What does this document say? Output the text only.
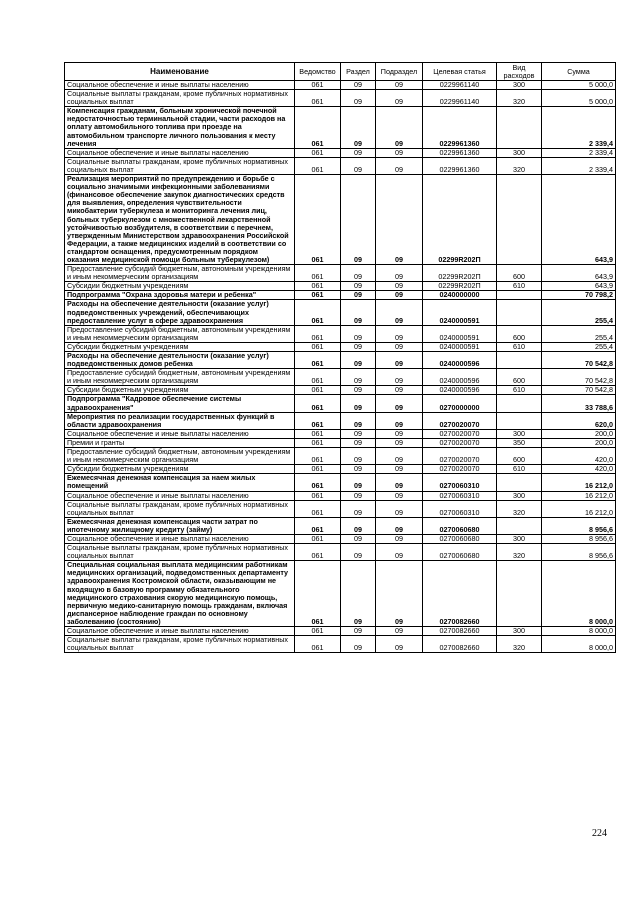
Наименование	Ведомство	Раздел	Подраздел	Целевая статья	Вид расходов	Сумма
Социальное обеспечение и иные выплаты населению	061	09	09	0229961140	300	5 000,0
Социальные выплаты гражданам, кроме публичных нормативных социальных выплат	061	09	09	0229961140	320	5 000,0
Компенсация гражданам, больным хронической почечной недостаточностью терминальной стадии, части расходов на оплату автомобильного топлива при проезде на автомобильном транспорте личного пользования к месту лечения	061	09	09	0229961360		2 339,4
Социальное обеспечение и иные выплаты населению	061	09	09	0229961360	300	2 339,4
Социальные выплаты гражданам, кроме публичных нормативных социальных выплат	061	09	09	0229961360	320	2 339,4
Реализация мероприятий по предупреждению и борьбе с социально значимыми инфекционными заболеваниями (финансовое обеспечение закупок диагностических средств для выявления, определения чувствительности микобактерии туберкулеза и мониторинга лечения лиц, больных туберкулезом с множественной лекарственной устойчивостью возбудителя, в соответствии с перечнем, утвержденным Министерством здравоохранения Российской Федерации, а также медицинских изделий в соответствии со стандартом оснащения, предусмотренным порядком оказания медицинской помощи больным туберкулезом)	061	09	09	02299R202П		643,9
Предоставление субсидий бюджетным, автономным учреждениям и иным некоммерческим организациям	061	09	09	02299R202П	600	643,9
Субсидии бюджетным учреждениям	061	09	09	02299R202П	610	643,9
Подпрограмма "Охрана здоровья матери и ребенка"	061	09	09	0240000000		70 798,2
Расходы на обеспечение деятельности (оказание услуг) подведомственных учреждений, обеспечивающих предоставление услуг в сфере здравоохранения	061	09	09	0240000591		255,4
Предоставление субсидий бюджетным, автономным учреждениям и иным некоммерческим организациям	061	09	09	0240000591	600	255,4
Субсидии бюджетным учреждениям	061	09	09	0240000591	610	255,4
Расходы на обеспечение деятельности (оказание услуг) подведомственных домов ребенка	061	09	09	0240000596		70 542,8
Предоставление субсидий бюджетным, автономным учреждениям и иным некоммерческим организациям	061	09	09	0240000596	600	70 542,8
Субсидии бюджетным учреждениям	061	09	09	0240000596	610	70 542,8
Подпрограмма "Кадровое обеспечение системы здравоохранения"	061	09	09	0270000000		33 788,6
Мероприятия по реализации государственных функций в области здравоохранения	061	09	09	0270020070		620,0
Социальное обеспечение и иные выплаты населению	061	09	09	0270020070	300	200,0
Премии и гранты	061	09	09	0270020070	350	200,0
Предоставление субсидий бюджетным, автономным учреждениям и иным некоммерческим организациям	061	09	09	0270020070	600	420,0
Субсидии бюджетным учреждениям	061	09	09	0270020070	610	420,0
Ежемесячная денежная компенсация за наем жилых помещений	061	09	09	0270060310		16 212,0
Социальное обеспечение и иные выплаты населению	061	09	09	0270060310	300	16 212,0
Социальные выплаты гражданам, кроме публичных нормативных социальных выплат	061	09	09	0270060310	320	16 212,0
Ежемесячная денежная компенсация части затрат по ипотечному жилищному кредиту (займу)	061	09	09	0270060680		8 956,6
Социальное обеспечение и иные выплаты населению	061	09	09	0270060680	300	8 956,6
Социальные выплаты гражданам, кроме публичных нормативных социальных выплат	061	09	09	0270060680	320	8 956,6
Специальная социальная выплата медицинским работникам медицинских организаций, подведомственных департаменту здравоохранения Костромской области, оказывающим не входящую в базовую программу обязательного медицинского страхования скорую медицинскую помощь, первичную медико-санитарную помощь гражданам, включая диспансерное наблюдение граждан по основному заболеванию (состоянию)	061	09	09	0270082660		8 000,0
Социальное обеспечение и иные выплаты населению	061	09	09	0270082660	300	8 000,0
Социальные выплаты гражданам, кроме публичных нормативных социальных выплат	061	09	09	0270082660	320	8 000,0
224
